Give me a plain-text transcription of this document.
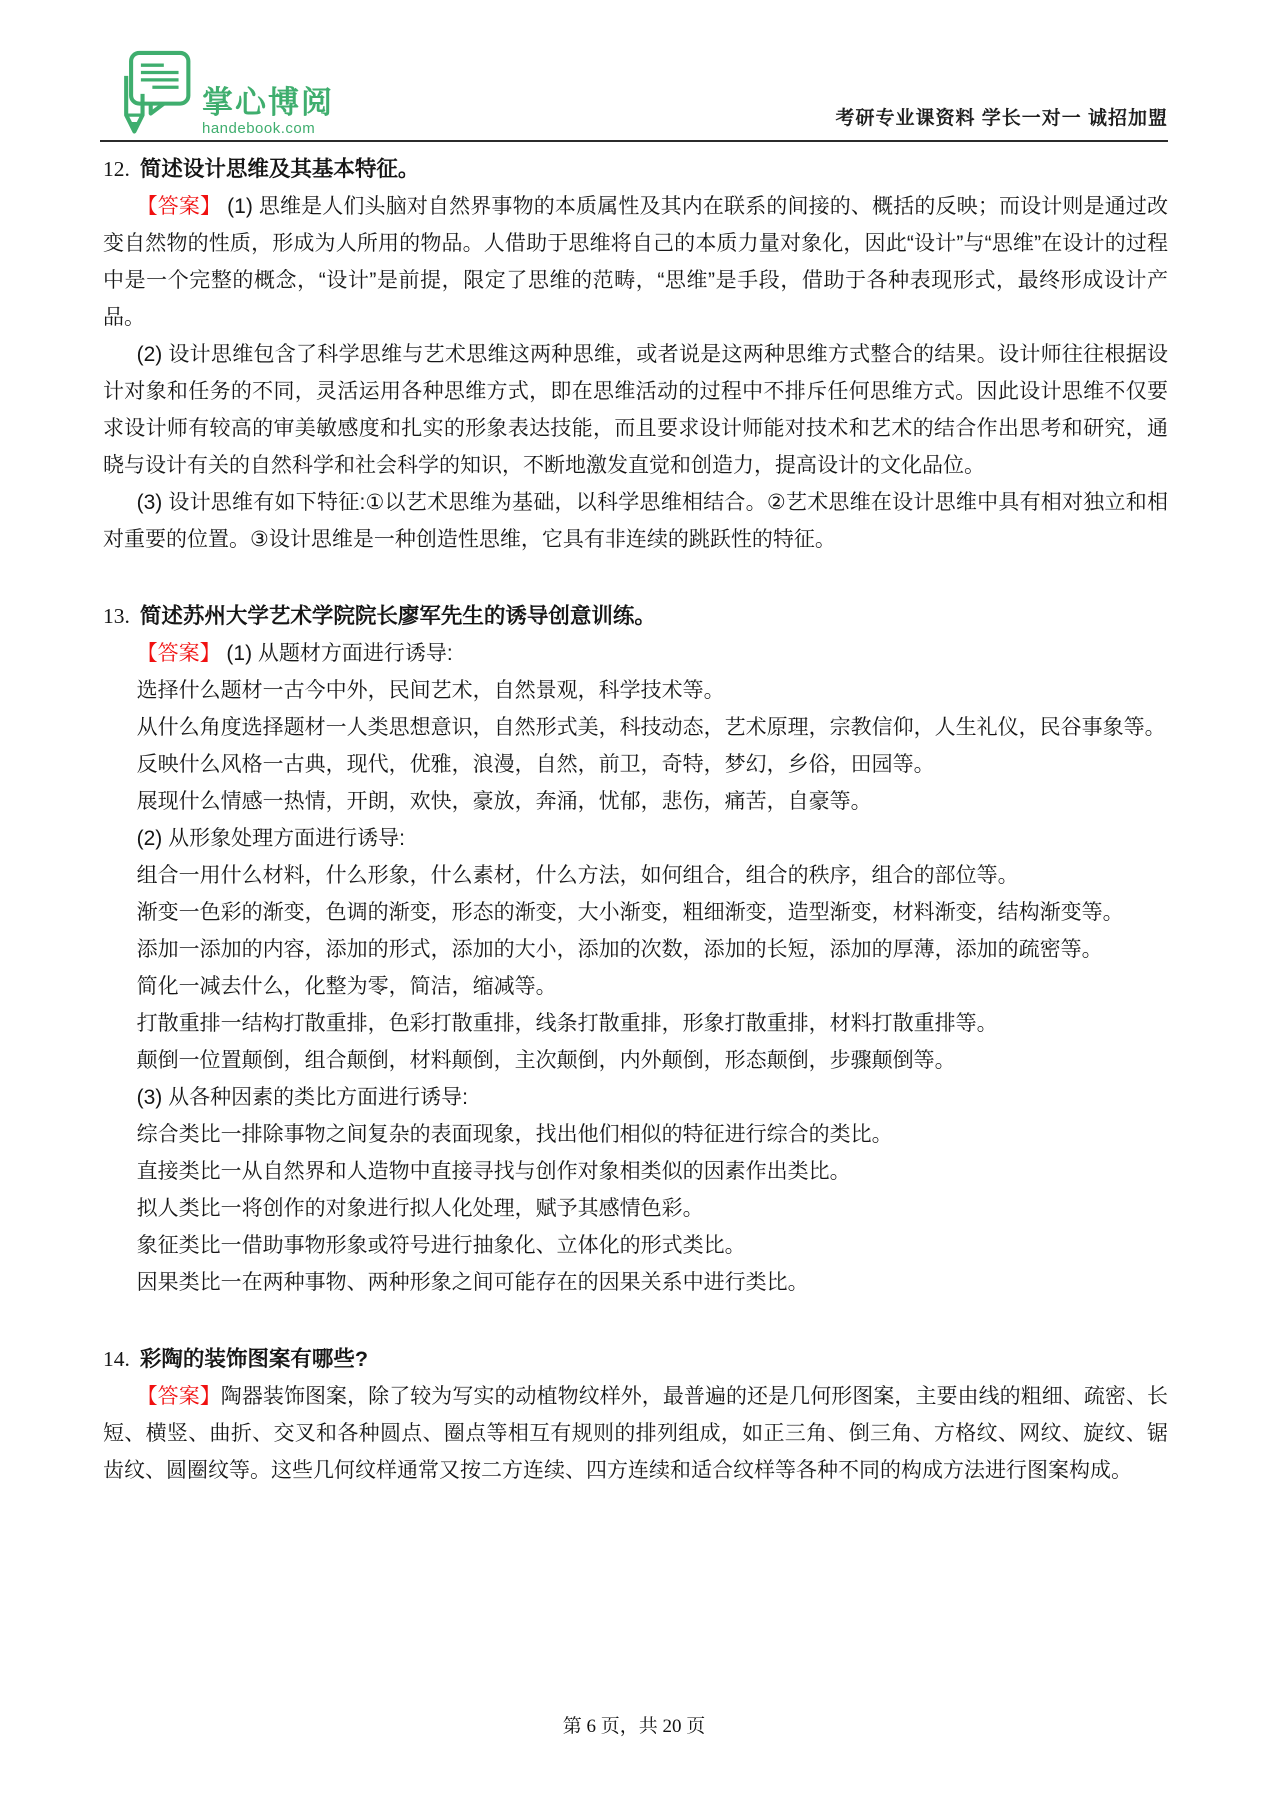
掌心博阅
handebook.com	考研专业课资料 学长一对一 诚招加盟
12. 简述设计思维及其基本特征。

【答案】 (1) 思维是人们头脑对自然界事物的本质属性及其内在联系的间接的、概括的反映；而设计则是通过改变自然物的性质，形成为人所用的物品。人借助于思维将自己的本质力量对象化，因此“设计”与“思维”在设计的过程中是一个完整的概念，“设计”是前提，限定了思维的范畴，“思维”是手段，借助于各种表现形式，最终形成设计产品。

(2) 设计思维包含了科学思维与艺术思维这两种思维，或者说是这两种思维方式整合的结果。设计师往往根据设计对象和任务的不同，灵活运用各种思维方式，即在思维活动的过程中不排斥任何思维方式。因此设计思维不仅要求设计师有较高的审美敏感度和扎实的形象表达技能，而且要求设计师能对技术和艺术的结合作出思考和研究，通晓与设计有关的自然科学和社会科学的知识，不断地激发直觉和创造力，提高设计的文化品位。

(3) 设计思维有如下特征:①以艺术思维为基础，以科学思维相结合。②艺术思维在设计思维中具有相对独立和相对重要的位置。③设计思维是一种创造性思维，它具有非连续的跳跃性的特征。

13. 简述苏州大学艺术学院院长廖军先生的诱导创意训练。

【答案】 (1) 从题材方面进行诱导:

选择什么题材一古今中外，民间艺术，自然景观，科学技术等。

从什么角度选择题材一人类思想意识，自然形式美，科技动态，艺术原理，宗教信仰，人生礼仪，民谷事象等。

反映什么风格一古典，现代，优雅，浪漫，自然，前卫，奇特，梦幻，乡俗，田园等。

展现什么情感一热情，开朗，欢快，豪放，奔涌，忧郁，悲伤，痛苦，自豪等。

(2) 从形象处理方面进行诱导:

组合一用什么材料，什么形象，什么素材，什么方法，如何组合，组合的秩序，组合的部位等。

渐变一色彩的渐变，色调的渐变，形态的渐变，大小渐变，粗细渐变，造型渐变，材料渐变，结构渐变等。

添加一添加的内容，添加的形式，添加的大小，添加的次数，添加的长短，添加的厚薄，添加的疏密等。

简化一减去什么，化整为零，简洁，缩减等。

打散重排一结构打散重排，色彩打散重排，线条打散重排，形象打散重排，材料打散重排等。

颠倒一位置颠倒，组合颠倒，材料颠倒，主次颠倒，内外颠倒，形态颠倒，步骤颠倒等。

(3) 从各种因素的类比方面进行诱导:

综合类比一排除事物之间复杂的表面现象，找出他们相似的特征进行综合的类比。

直接类比一从自然界和人造物中直接寻找与创作对象相类似的因素作出类比。

拟人类比一将创作的对象进行拟人化处理，赋予其感情色彩。

象征类比一借助事物形象或符号进行抽象化、立体化的形式类比。

因果类比一在两种事物、两种形象之间可能存在的因果关系中进行类比。

14. 彩陶的装饰图案有哪些?

【答案】陶器装饰图案，除了较为写实的动植物纹样外，最普遍的还是几何形图案，主要由线的粗细、疏密、长短、横竖、曲折、交叉和各种圆点、圈点等相互有规则的排列组成，如正三角、倒三角、方格纹、网纹、旋纹、锯齿纹、圆圈纹等。这些几何纹样通常又按二方连续、四方连续和适合纹样等各种不同的构成方法进行图案构成。

第 6 页，共 20 页
